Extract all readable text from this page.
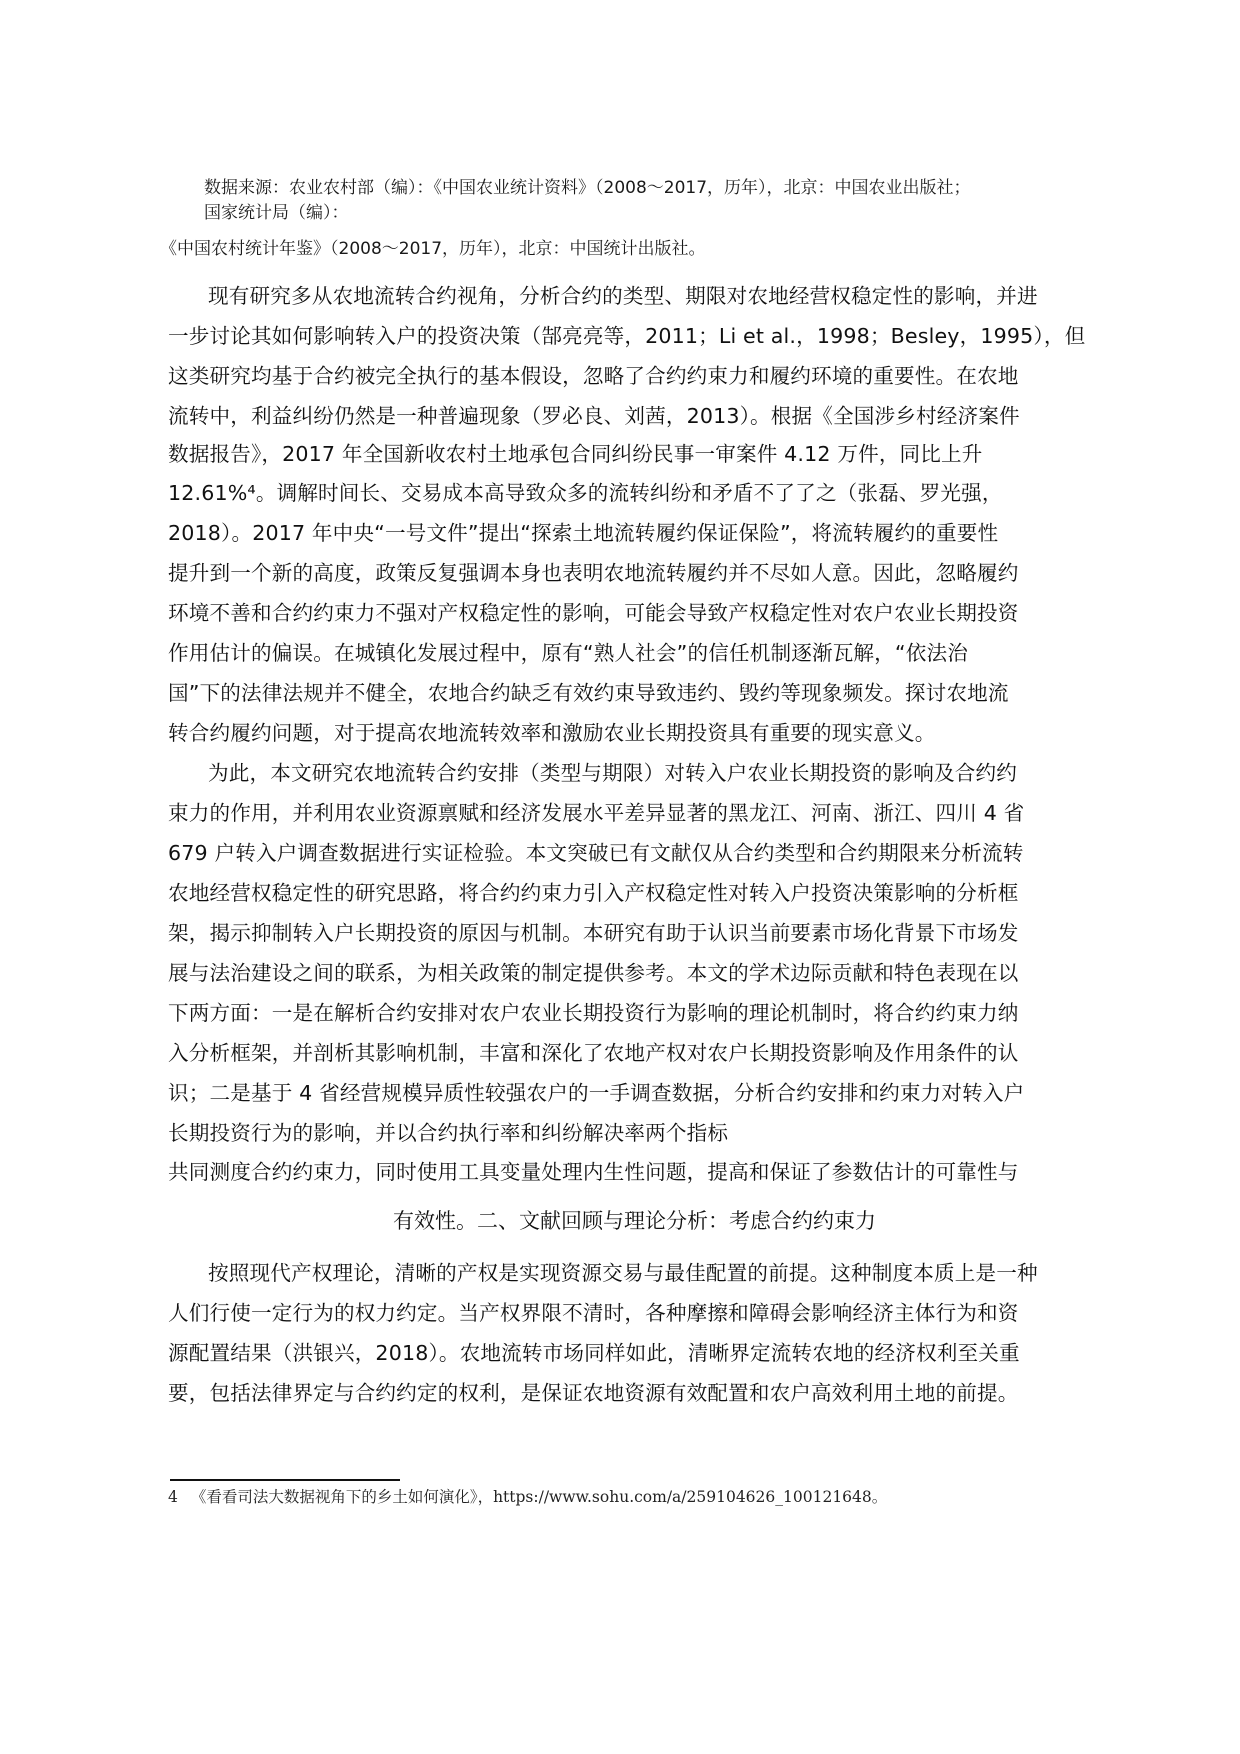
数据来源：农业农村部（编）：《中国农业统计资料》（2008～2017，历年），北京：中国农业出版社；
国家统计局（编）：
《中国农村统计年鉴》（2008～2017，历年），北京：中国统计出版社。
现有研究多从农地流转合约视角，分析合约的类型、期限对农地经营权稳定性的影响，并进
一步讨论其如何影响转入户的投资决策（郜亮亮等，2011；Li et al.，1998；Besley，1995），但
这类研究均基于合约被完全执行的基本假设，忽略了合约约束力和履约环境的重要性。在农地
流转中，利益纠纷仍然是一种普遍现象（罗必良、刘茜，2013）。根据《全国涉乡村经济案件
数据报告》，2017 年全国新收农村土地承包合同纠纷民事一审案件 4.12 万件，同比上升
12.61%⁴。调解时间长、交易成本高导致众多的流转纠纷和矛盾不了了之（张磊、罗光强，
2018）。2017 年中央“一号文件”提出“探索土地流转履约保证保险”，将流转履约的重要性
提升到一个新的高度，政策反复强调本身也表明农地流转履约并不尽如人意。因此，忽略履约
环境不善和合约约束力不强对产权稳定性的影响，可能会导致产权稳定性对农户农业长期投资
作用估计的偏误。在城镇化发展过程中，原有“熟人社会”的信任机制逐渐瓦解，“依法治
国”下的法律法规并不健全，农地合约缺乏有效约束导致违约、毁约等现象频发。探讨农地流
转合约履约问题，对于提高农地流转效率和激励农业长期投资具有重要的现实意义。
为此，本文研究农地流转合约安排（类型与期限）对转入户农业长期投资的影响及合约约
束力的作用，并利用农业资源禀赋和经济发展水平差异显著的黑龙江、河南、浙江、四川 4 省
679 户转入户调查数据进行实证检验。本文突破已有文献仅从合约类型和合约期限来分析流转
农地经营权稳定性的研究思路，将合约约束力引入产权稳定性对转入户投资决策影响的分析框
架，揭示抑制转入户长期投资的原因与机制。本研究有助于认识当前要素市场化背景下市场发
展与法治建设之间的联系，为相关政策的制定提供参考。本文的学术边际贡献和特色表现在以
下两方面：一是在解析合约安排对农户农业长期投资行为影响的理论机制时，将合约约束力纳
入分析框架，并剖析其影响机制，丰富和深化了农地产权对农户长期投资影响及作用条件的认
识；二是基于 4 省经营规模异质性较强农户的一手调查数据，分析合约安排和约束力对转入户
长期投资行为的影响，并以合约执行率和纠纷解决率两个指标
共同测度合约约束力，同时使用工具变量处理内生性问题，提高和保证了参数估计的可靠性与
有效性。二、文献回顾与理论分析：考虑合约约束力
按照现代产权理论，清晰的产权是实现资源交易与最佳配置的前提。这种制度本质上是一种
人们行使一定行为的权力约定。当产权界限不清时，各种摩擦和障碍会影响经济主体行为和资
源配置结果（洪银兴，2018）。农地流转市场同样如此，清晰界定流转农地的经济权利至关重
要，包括法律界定与合约约定的权利，是保证农地资源有效配置和农户高效利用土地的前提。
4 《看看司法大数据视角下的乡土如何演化》，https://www.sohu.com/a/259104626_100121648。
